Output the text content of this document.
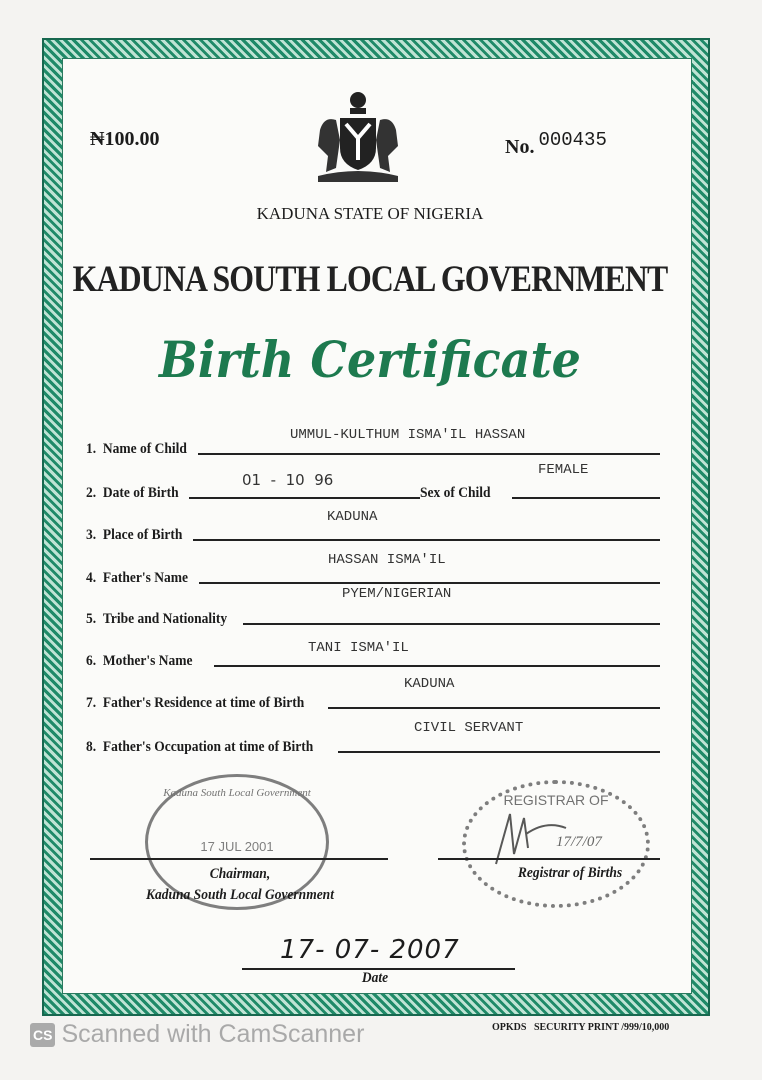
₦100.00	No. 000435
KADUNA STATE OF NIGERIA
KADUNA SOUTH LOCAL GOVERNMENT
Birth Certificate
1. Name of Child
UMMUL-KULTHUM ISMA'IL HASSAN
2. Date of Birth
01  -  10  96
Sex of Child
FEMALE
3. Place of Birth
KADUNA
4. Father's Name
HASSAN ISMA'IL
5. Tribe and Nationality
PYEM/NIGERIAN
6. Mother's Name
TANI ISMA'IL
7. Father's Residence at time of Birth
KADUNA
8. Father's Occupation at time of Birth
CIVIL SERVANT
Kaduna South Local Government
17 JUL 2001
REGISTRAR OF
17/7/07
Chairman,
Kaduna South Local Government
Registrar of Births
17- 07- 2007
Date
CS Scanned with CamScanner	OPKDS   SECURITY PRINT /999/10,000
